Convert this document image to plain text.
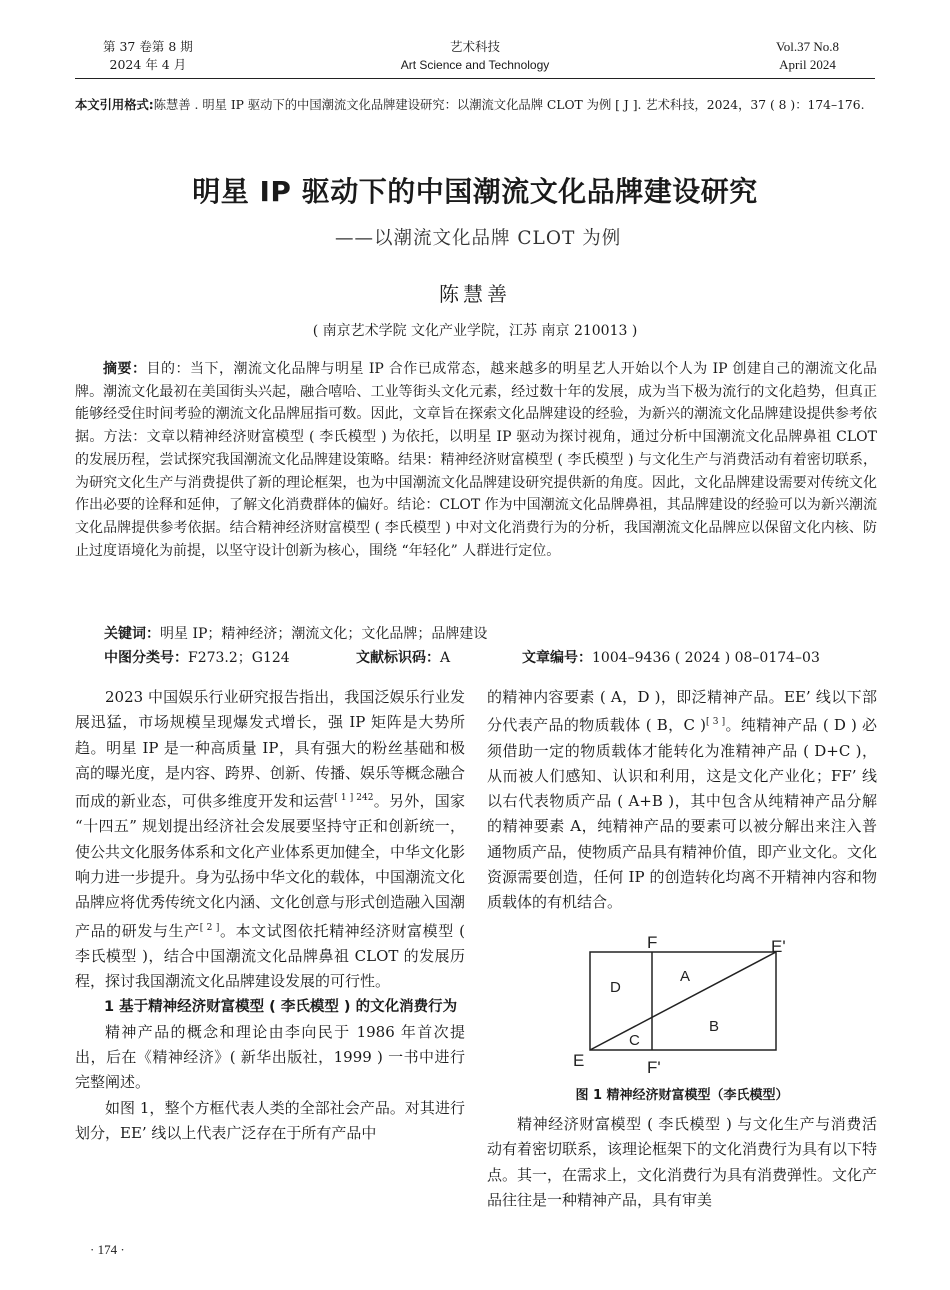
第 37 卷第 8 期
2024 年 4 月
艺术科技
Art Science and Technology
Vol.37 No.8
April 2024
本文引用格式:陈慧善 . 明星 IP 驱动下的中国潮流文化品牌建设研究：以潮流文化品牌 CLOT 为例 [ J ]. 艺术科技，2024，37 ( 8 )：174–176.
明星 IP 驱动下的中国潮流文化品牌建设研究
——以潮流文化品牌 CLOT 为例
陈慧善
( 南京艺术学院 文化产业学院，江苏 南京 210013 )

摘要：目的：当下，潮流文化品牌与明星 IP 合作已成常态，越来越多的明星艺人开始以个人为 IP 创建自己的潮流文化品牌。潮流文化最初在美国街头兴起，融合嘻哈、工业等街头文化元素，经过数十年的发展，成为当下极为流行的文化趋势，但真正能够经受住时间考验的潮流文化品牌屈指可数。因此，文章旨在探索文化品牌建设的经验，为新兴的潮流文化品牌建设提供参考依据。方法：文章以精神经济财富模型 ( 李氏模型 ) 为依托，以明星 IP 驱动为探讨视角，通过分析中国潮流文化品牌鼻祖 CLOT 的发展历程，尝试探究我国潮流文化品牌建设策略。结果：精神经济财富模型 ( 李氏模型 ) 与文化生产与消费活动有着密切联系，为研究文化生产与消费提供了新的理论框架，也为中国潮流文化品牌建设研究提供新的角度。因此，文化品牌建设需要对传统文化作出必要的诠释和延伸，了解文化消费群体的偏好。结论：CLOT 作为中国潮流文化品牌鼻祖，其品牌建设的经验可以为新兴潮流文化品牌提供参考依据。结合精神经济财富模型 ( 李氏模型 ) 中对文化消费行为的分析，我国潮流文化品牌应以保留文化内核、防止过度语境化为前提，以坚守设计创新为核心，围绕 “年轻化” 人群进行定位。

关键词：明星 IP；精神经济；潮流文化；文化品牌；品牌建设
中图分类号：F273.2；G124	文献标识码：A	文章编号：1004–9436 ( 2024 ) 08–0174–03

2023 中国娱乐行业研究报告指出，我国泛娱乐行业发展迅猛，市场规模呈现爆发式增长，强 IP 矩阵是大势所趋。明星 IP 是一种高质量 IP，具有强大的粉丝基础和极高的曝光度，是内容、跨界、创新、传播、娱乐等概念融合而成的新业态，可供多维度开发和运营$^{[ 1 ] 242}$。另外，国家 “十四五” 规划提出经济社会发展要坚持守正和创新统一，使公共文化服务体系和文化产业体系更加健全，中华文化影响力进一步提升。身为弘扬中华文化的载体，中国潮流文化品牌应将优秀传统文化内涵、文化创意与形式创造融入国潮产品的研发与生产[ 2 ]。本文试图依托精神经济财富模型 ( 李氏模型 )，结合中国潮流文化品牌鼻祖 CLOT 的发展历程，探讨我国潮流文化品牌建设发展的可行性。

1 基于精神经济财富模型 ( 李氏模型 ) 的文化消费行为

精神产品的概念和理论由李向民于 1986 年首次提出，后在《精神经济》( 新华出版社，1999 ) 一书中进行完整阐述。

如图 1，整个方框代表人类的全部社会产品。对其进行划分，EE’ 线以上代表广泛存在于所有产品中

的精神内容要素 ( A，D )，即泛精神产品。EE’ 线以下部分代表产品的物质载体 ( B，C )[ 3 ]。纯精神产品 ( D ) 必须借助一定的物质载体才能转化为准精神产品 ( D+C )，从而被人们感知、认识和利用，这是文化产业化；FF’ 线以右代表物质产品 ( A+B )，其中包含从纯精神产品分解的精神要素 A，纯精神产品的要素可以被分解出来注入普通物质产品，使物质产品具有精神价值，即产业文化。文化资源需要创造，任何 IP 的创造转化均离不开精神内容和物质载体的有机结合。

F
F'
E
E'
A
B
C
D
图 1 精神经济财富模型（李氏模型）

精神经济财富模型 ( 李氏模型 ) 与文化生产与消费活动有着密切联系，该理论框架下的文化消费行为具有以下特点。其一，在需求上，文化消费行为具有消费弹性。文化产品往往是一种精神产品，具有审美

· 174 ·
